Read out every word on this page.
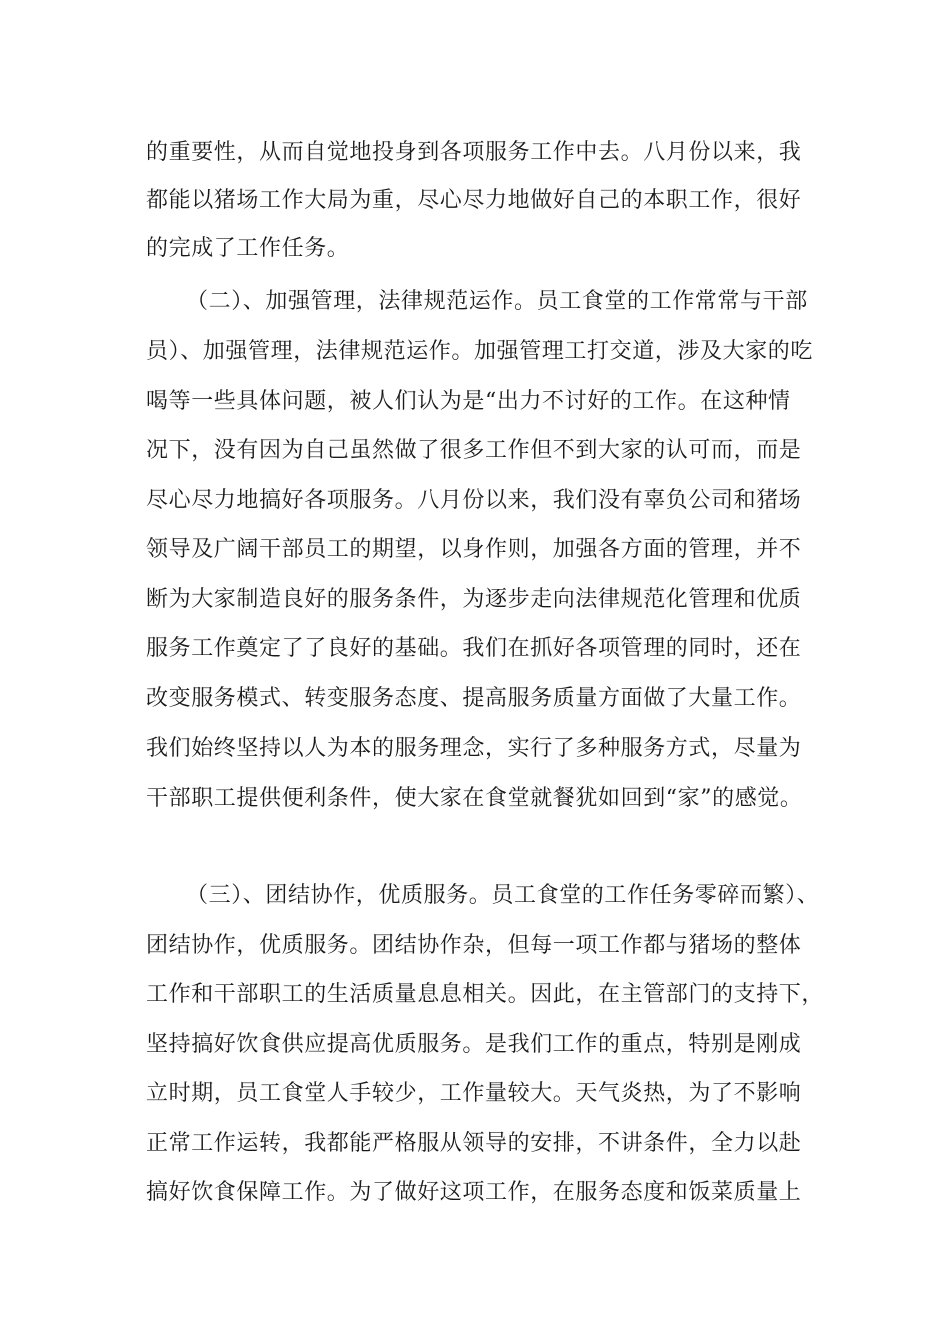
的重要性，从而自觉地投身到各项服务工作中去。八月份以来，我
都能以猪场工作大局为重，尽心尽力地做好自己的本职工作，很好
的完成了工作任务。
（二）、加强管理，法律规范运作。员工食堂的工作常常与干部
员）、加强管理，法律规范运作。加强管理工打交道，涉及大家的吃
喝等一些具体问题，被人们认为是“出力不讨好的工作。在这种情
况下，没有因为自己虽然做了很多工作但不到大家的认可而，而是
尽心尽力地搞好各项服务。八月份以来，我们没有辜负公司和猪场
领导及广阔干部员工的期望，以身作则，加强各方面的管理，并不
断为大家制造良好的服务条件，为逐步走向法律规范化管理和优质
服务工作奠定了了良好的基础。我们在抓好各项管理的同时，还在
改变服务模式、转变服务态度、提高服务质量方面做了大量工作。
我们始终坚持以人为本的服务理念，实行了多种服务方式，尽量为
干部职工提供便利条件，使大家在食堂就餐犹如回到“家”的感觉。
（三）、团结协作，优质服务。员工食堂的工作任务零碎而繁）、
团结协作，优质服务。团结协作杂，但每一项工作都与猪场的整体
工作和干部职工的生活质量息息相关。因此，在主管部门的支持下，
坚持搞好饮食供应提高优质服务。是我们工作的重点，特别是刚成
立时期，员工食堂人手较少，工作量较大。天气炎热，为了不影响
正常工作运转，我都能严格服从领导的安排，不讲条件，全力以赴
搞好饮食保障工作。为了做好这项工作，在服务态度和饭菜质量上
